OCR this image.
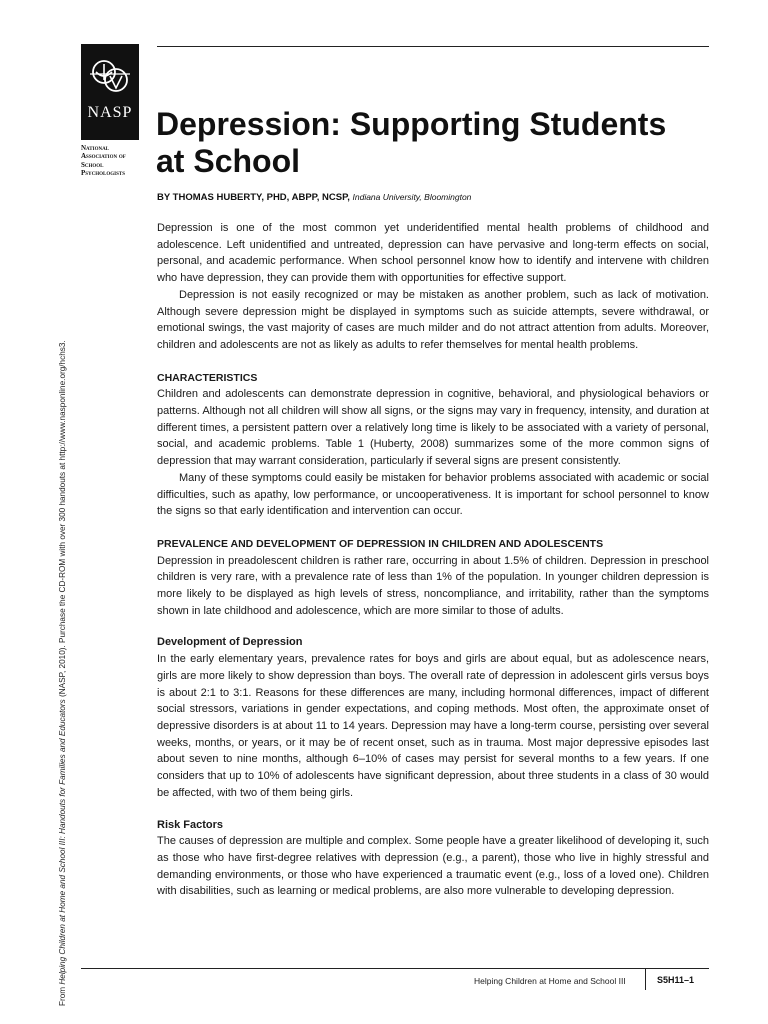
NASP
National
Association of
School
Psychologists
Depression: Supporting Students
at School
BY THOMAS HUBERTY, PHD, ABPP, NCSP, Indiana University, Bloomington
From Helping Children at Home and School III: Handouts for Families and Educators (NASP, 2010). Purchase the CD-ROM with over 300 handouts at http://www.nasponline.org/hchs3.

Depression is one of the most common yet underidentified mental health problems of childhood and adolescence. Left unidentified and untreated, depression can have pervasive and long-term effects on social, personal, and academic performance. When school personnel know how to identify and intervene with children who have depression, they can provide them with opportunities for effective support.

Depression is not easily recognized or may be mistaken as another problem, such as lack of motivation. Although severe depression might be displayed in symptoms such as suicide attempts, severe withdrawal, or emotional swings, the vast majority of cases are much milder and do not attract attention from adults. Moreover, children and adolescents are not as likely as adults to refer themselves for mental health problems.

CHARACTERISTICS

Children and adolescents can demonstrate depression in cognitive, behavioral, and physiological behaviors or patterns. Although not all children will show all signs, or the signs may vary in frequency, intensity, and duration at different times, a persistent pattern over a relatively long time is likely to be associated with a variety of personal, social, and academic problems. Table 1 (Huberty, 2008) summarizes some of the more common signs of depression that may warrant consideration, particularly if several signs are present consistently.

Many of these symptoms could easily be mistaken for behavior problems associated with academic or social difficulties, such as apathy, low performance, or uncooperativeness. It is important for school personnel to know the signs so that early identification and intervention can occur.

PREVALENCE AND DEVELOPMENT OF DEPRESSION IN CHILDREN AND ADOLESCENTS

Depression in preadolescent children is rather rare, occurring in about 1.5% of children. Depression in preschool children is very rare, with a prevalence rate of less than 1% of the population. In younger children depression is more likely to be displayed as high levels of stress, noncompliance, and irritability, rather than the symptoms shown in late childhood and adolescence, which are more similar to those of adults.

Development of Depression

In the early elementary years, prevalence rates for boys and girls are about equal, but as adolescence nears, girls are more likely to show depression than boys. The overall rate of depression in adolescent girls versus boys is about 2:1 to 3:1. Reasons for these differences are many, including hormonal differences, impact of different social stressors, variations in gender expectations, and coping methods. Most often, the approximate onset of depressive disorders is at about 11 to 14 years. Depression may have a long-term course, persisting over several weeks, months, or years, or it may be of recent onset, such as in trauma. Most major depressive episodes last about seven to nine months, although 6–10% of cases may persist for several months to a few years. If one considers that up to 10% of adolescents have significant depression, about three students in a class of 30 would be affected, with two of them being girls.

Risk Factors

The causes of depression are multiple and complex. Some people have a greater likelihood of developing it, such as those who have first-degree relatives with depression (e.g., a parent), those who live in highly stressful and demanding environments, or those who have experienced a traumatic event (e.g., loss of a loved one). Children with disabilities, such as learning or medical problems, are also more vulnerable to developing depression.

Helping Children at Home and School III	S5H11–1
